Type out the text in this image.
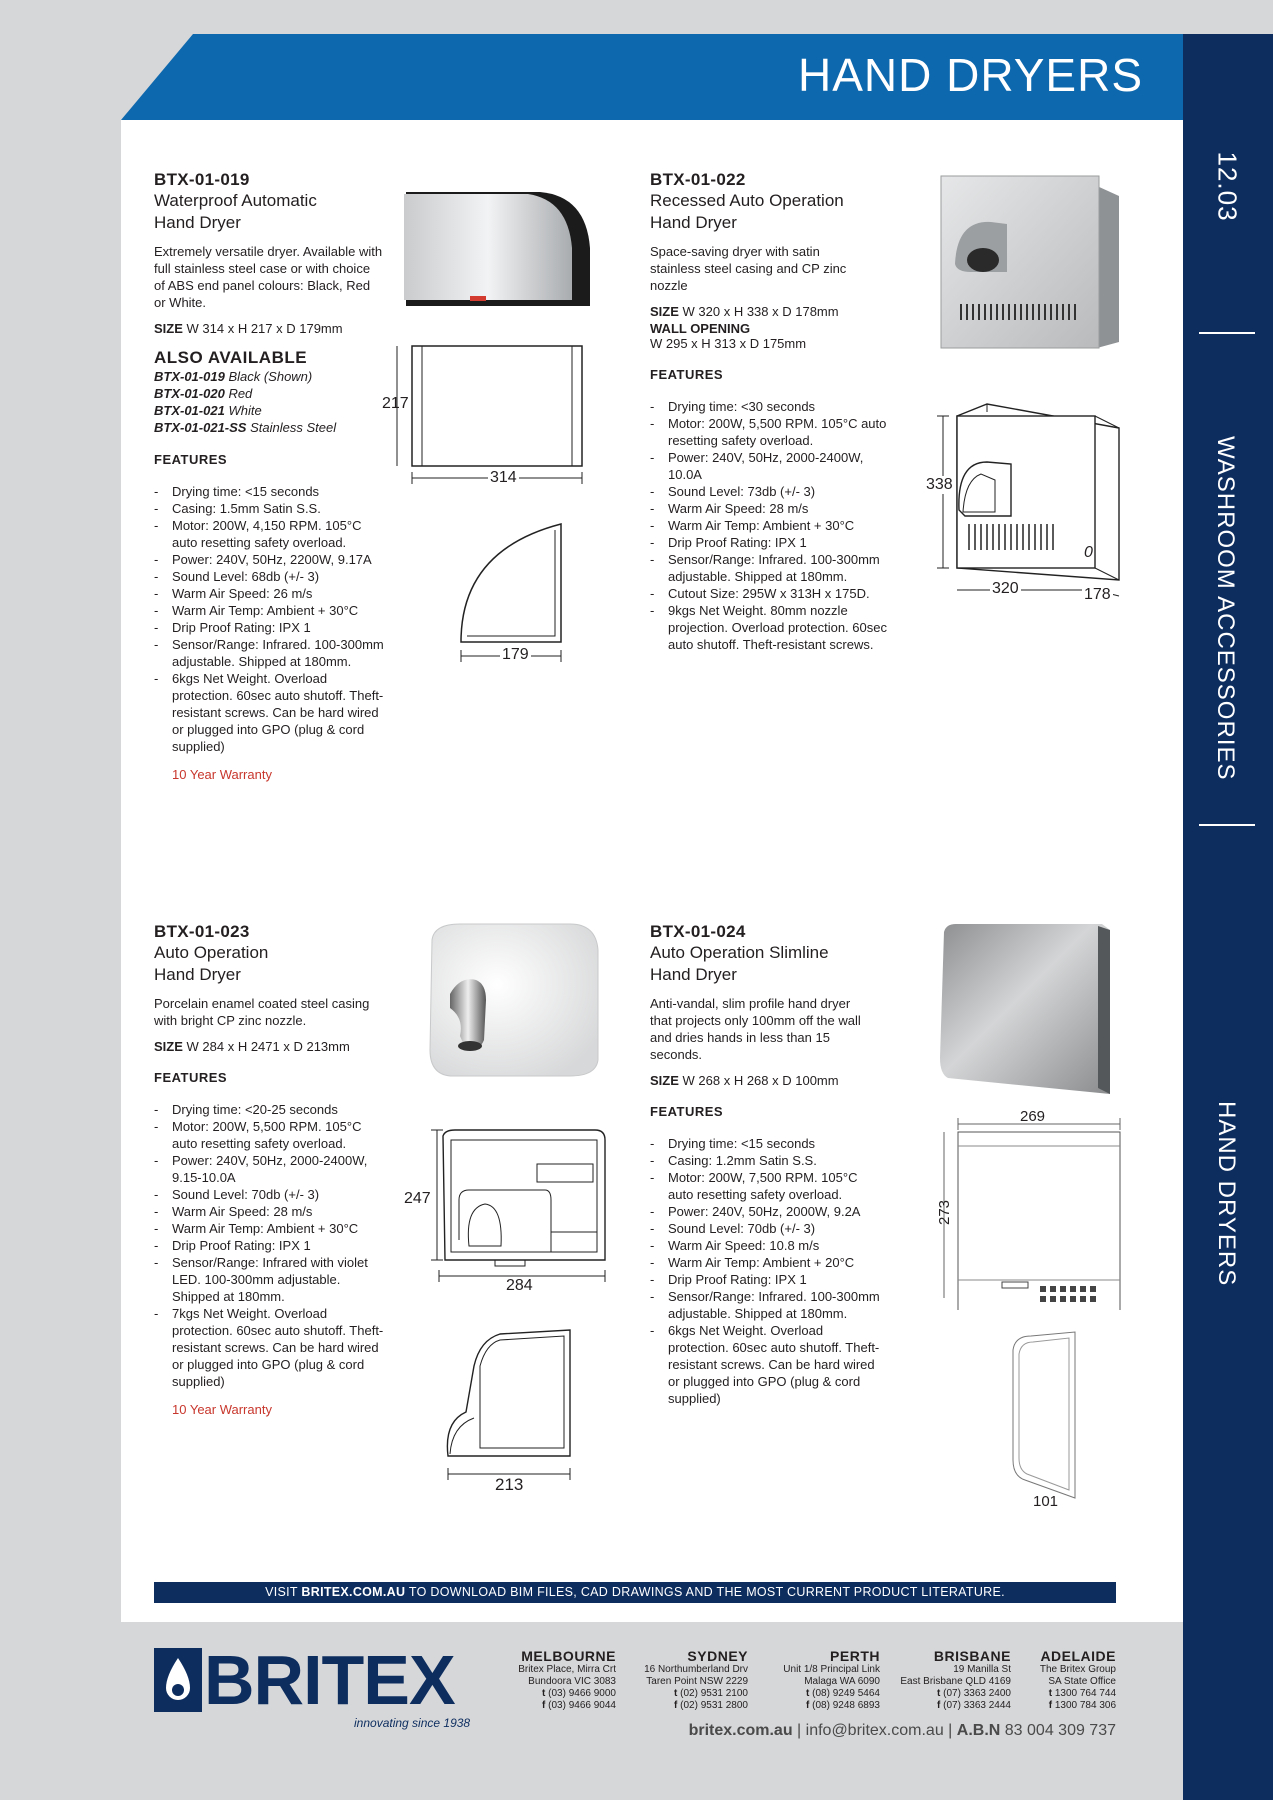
HAND DRYERS
12.03
WASHROOM ACCESSORIES
HAND DRYERS
BTX-01-019
Waterproof Automatic
Hand Dryer
Extremely versatile dryer. Available with full stainless steel case or with choice of ABS end panel colours: Black, Red or White.
SIZE W 314 x H 217 x D 179mm
ALSO AVAILABLE
BTX-01-019 Black (Shown)
BTX-01-020 Red
BTX-01-021 White
BTX-01-021-SS Stainless Steel
FEATURES
- Drying time: <15 seconds
- Casing: 1.5mm Satin S.S.
- Motor: 200W, 4,150 RPM. 105°C auto resetting safety overload.
- Power: 240V, 50Hz, 2200W, 9.17A
- Sound Level: 68db (+/- 3)
- Warm Air Speed: 26 m/s
- Warm Air Temp: Ambient + 30°C
- Drip Proof Rating: IPX 1
- Sensor/Range: Infrared. 100-300mm adjustable. Shipped at 180mm.
- 6kgs Net Weight. Overload protection. 60sec auto shutoff. Theft-resistant screws. Can be hard wired or plugged into GPO (plug & cord supplied)
10 Year Warranty
217
314
179
BTX-01-022
Recessed Auto Operation
Hand Dryer
Space-saving dryer with satin stainless steel casing and CP zinc nozzle
SIZE W 320 x H 338 x D 178mm
WALL OPENING
W 295 x H 313 x D 175mm
FEATURES
- Drying time: <30 seconds
- Motor: 200W, 5,500 RPM. 105°C auto resetting safety overload.
- Power: 240V, 50Hz, 2000-2400W, 10.0A
- Sound Level: 73db (+/- 3)
- Warm Air Speed: 28 m/s
- Warm Air Temp: Ambient + 30°C
- Drip Proof Rating: IPX 1
- Sensor/Range: Infrared. 100-300mm adjustable. Shipped at 180mm.
- Cutout Size: 295W x 313H x 175D.
- 9kgs Net Weight. 80mm nozzle projection. Overload protection. 60sec auto shutoff. Theft-resistant screws.
338
0
320	178
BTX-01-023
Auto Operation
Hand Dryer
Porcelain enamel coated steel casing with bright CP zinc nozzle.
SIZE W 284 x H 2471 x D 213mm
FEATURES
- Drying time: <20-25 seconds
- Motor: 200W, 5,500 RPM. 105°C auto resetting safety overload.
- Power: 240V, 50Hz, 2000-2400W, 9.15-10.0A
- Sound Level: 70db (+/- 3)
- Warm Air Speed: 28 m/s
- Warm Air Temp: Ambient + 30°C
- Drip Proof Rating: IPX 1
- Sensor/Range: Infrared with violet LED. 100-300mm adjustable. Shipped at 180mm.
- 7kgs Net Weight. Overload protection. 60sec auto shutoff. Theft-resistant screws. Can be hard wired or plugged into GPO (plug & cord supplied)
10 Year Warranty
247
284
213
BTX-01-024
Auto Operation Slimline
Hand Dryer
Anti-vandal, slim profile hand dryer that projects only 100mm off the wall and dries hands in less than 15 seconds.
SIZE W 268 x H 268 x D 100mm
FEATURES
- Drying time: <15 seconds
- Casing: 1.2mm Satin S.S.
- Motor: 200W, 7,500 RPM. 105°C auto resetting safety overload.
- Power: 240V, 50Hz, 2000W, 9.2A
- Sound Level: 70db (+/- 3)
- Warm Air Speed: 10.8 m/s
- Warm Air Temp: Ambient + 20°C
- Drip Proof Rating: IPX 1
- Sensor/Range: Infrared. 100-300mm adjustable. Shipped at 180mm.
- 6kgs Net Weight. Overload protection. 60sec auto shutoff. Theft-resistant screws. Can be hard wired or plugged into GPO (plug & cord supplied)
269
273
101
VISIT BRITEX.COM.AU TO DOWNLOAD BIM FILES, CAD DRAWINGS AND THE MOST CURRENT PRODUCT LITERATURE.
BRITEX
innovating since 1938
MELBOURNE
Britex Place, Mirra Crt
Bundoora VIC 3083
t (03) 9466 9000
f (03) 9466 9044
SYDNEY
16 Northumberland Drv
Taren Point NSW 2229
t (02) 9531 2100
f (02) 9531 2800
PERTH
Unit 1/8 Principal Link
Malaga WA 6090
t (08) 9249 5464
f (08) 9248 6893
BRISBANE
19 Manilla St
East Brisbane QLD 4169
t (07) 3363 2400
f (07) 3363 2444
ADELAIDE
The Britex Group
SA State Office
t 1300 764 744
f 1300 784 306
britex.com.au | info@britex.com.au | A.B.N 83 004 309 737
